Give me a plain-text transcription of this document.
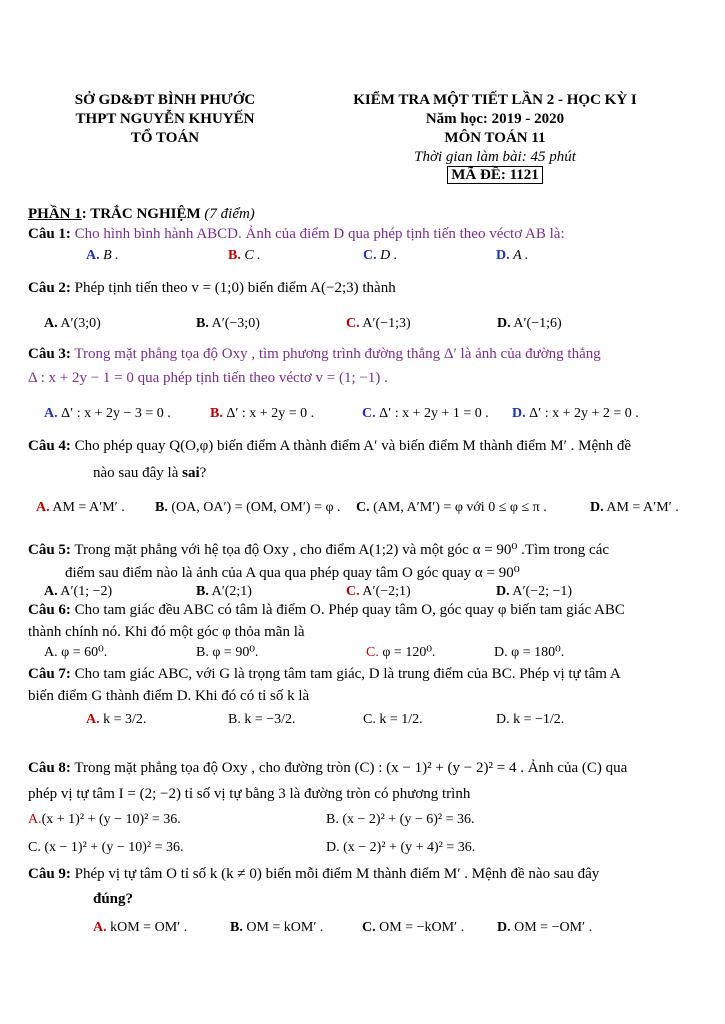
SỞ GD&ĐT BÌNH PHƯỚC
THPT NGUYỄN KHUYẾN
TỔ TOÁN
KIỂM TRA MỘT TIẾT LẦN 2 - HỌC KỲ I
Năm học: 2019 - 2020
MÔN TOÁN 11
Thời gian làm bài: 45 phút
MÃ ĐỀ: 1121
PHẦN 1: TRẮC NGHIỆM (7 điểm)
Câu 1: Cho hình bình hành ABCD. Ảnh của điểm D qua phép tịnh tiến theo véctơ AB là:
A. B .	B. C .	C. D .	D. A .
Câu 2: Phép tịnh tiến theo v = (1;0) biến điểm A(−2;3) thành
A. A′(3;0)	B. A′(−3;0)	C. A′(−1;3)	D. A′(−1;6)
Câu 3: Trong mặt phẳng tọa độ Oxy , tìm phương trình đường thẳng Δ′ là ảnh của đường thẳng
Δ : x + 2y − 1 = 0 qua phép tịnh tiến theo véctơ v = (1; −1) .
A. Δ′ : x + 2y − 3 = 0 .	B. Δ′ : x + 2y = 0 .	C. Δ′ : x + 2y + 1 = 0 . D. Δ′ : x + 2y + 2 = 0 .
Câu 4: Cho phép quay Q(O,φ) biến điểm A thành điểm A′ và biến điểm M thành điểm M′ . Mệnh đề
nào sau đây là sai?
A. AM = A′M′ . B. (OA, OA′) = (OM, OM′) = φ . C. (AM, A′M′) = φ với 0 ≤ φ ≤ π .	D. AM = A′M′ .
Câu 5: Trong mặt phẳng với hệ tọa độ Oxy , cho điểm A(1;2) và một góc α = 90⁰ .Tìm trong các
điểm sau điểm nào là ảnh của A qua qua phép quay tâm O góc quay α = 90⁰
A. A′(1; −2)	B. A′(2;1)	C. A′(−2;1)	D. A′(−2; −1)
Câu 6: Cho tam giác đều ABC có tâm là điểm O. Phép quay tâm O, góc quay φ biến tam giác ABC
thành chính nó. Khi đó một góc φ thỏa mãn là
A. φ = 60⁰.	B. φ = 90⁰.	C. φ = 120⁰.	D. φ = 180⁰.
Câu 7: Cho tam giác ABC, với G là trọng tâm tam giác, D là trung điểm của BC. Phép vị tự tâm A
biến điểm G thành điểm D. Khi đó có tỉ số k là
A. k = 3/2.	B. k = −3/2.	C. k = 1/2.	D. k = −1/2.
Câu 8: Trong mặt phẳng tọa độ Oxy , cho đường tròn (C) : (x − 1)² + (y − 2)² = 4 . Ảnh của (C) qua
phép vị tự tâm I = (2; −2) tỉ số vị tự bằng 3 là đường tròn có phương trình
A.(x + 1)² + (y − 10)² = 36.	B. (x − 2)² + (y − 6)² = 36.
C. (x − 1)² + (y − 10)² = 36.	D. (x − 2)² + (y + 4)² = 36.
Câu 9: Phép vị tự tâm O tỉ số k (k ≠ 0) biến mỗi điểm M thành điểm M′ . Mệnh đề nào sau đây
đúng?
A. kOM = OM′ .	B. OM = kOM′ .	C. OM = −kOM′ . D. OM = −OM′ .
